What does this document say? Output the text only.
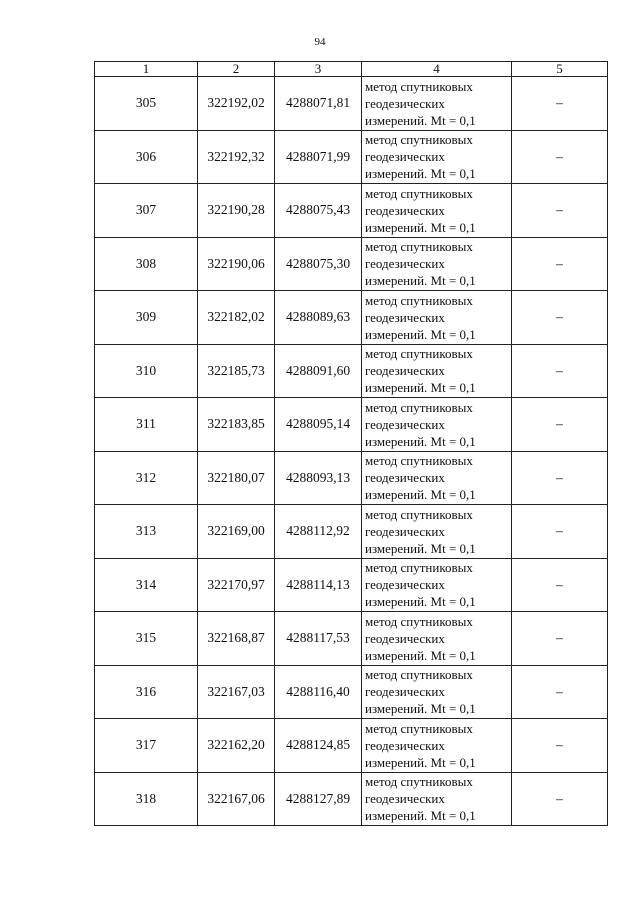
94
1	2	3	4	5
305	322192,02	4288071,81	метод спутниковых
геодезических
измерений. Mt = 0,1	–
306	322192,32	4288071,99	метод спутниковых
геодезических
измерений. Mt = 0,1	–
307	322190,28	4288075,43	метод спутниковых
геодезических
измерений. Mt = 0,1	–
308	322190,06	4288075,30	метод спутниковых
геодезических
измерений. Mt = 0,1	–
309	322182,02	4288089,63	метод спутниковых
геодезических
измерений. Mt = 0,1	–
310	322185,73	4288091,60	метод спутниковых
геодезических
измерений. Mt = 0,1	–
311	322183,85	4288095,14	метод спутниковых
геодезических
измерений. Mt = 0,1	–
312	322180,07	4288093,13	метод спутниковых
геодезических
измерений. Mt = 0,1	–
313	322169,00	4288112,92	метод спутниковых
геодезических
измерений. Mt = 0,1	–
314	322170,97	4288114,13	метод спутниковых
геодезических
измерений. Mt = 0,1	–
315	322168,87	4288117,53	метод спутниковых
геодезических
измерений. Mt = 0,1	–
316	322167,03	4288116,40	метод спутниковых
геодезических
измерений. Mt = 0,1	–
317	322162,20	4288124,85	метод спутниковых
геодезических
измерений. Mt = 0,1	–
318	322167,06	4288127,89	метод спутниковых
геодезических
измерений. Mt = 0,1	–
